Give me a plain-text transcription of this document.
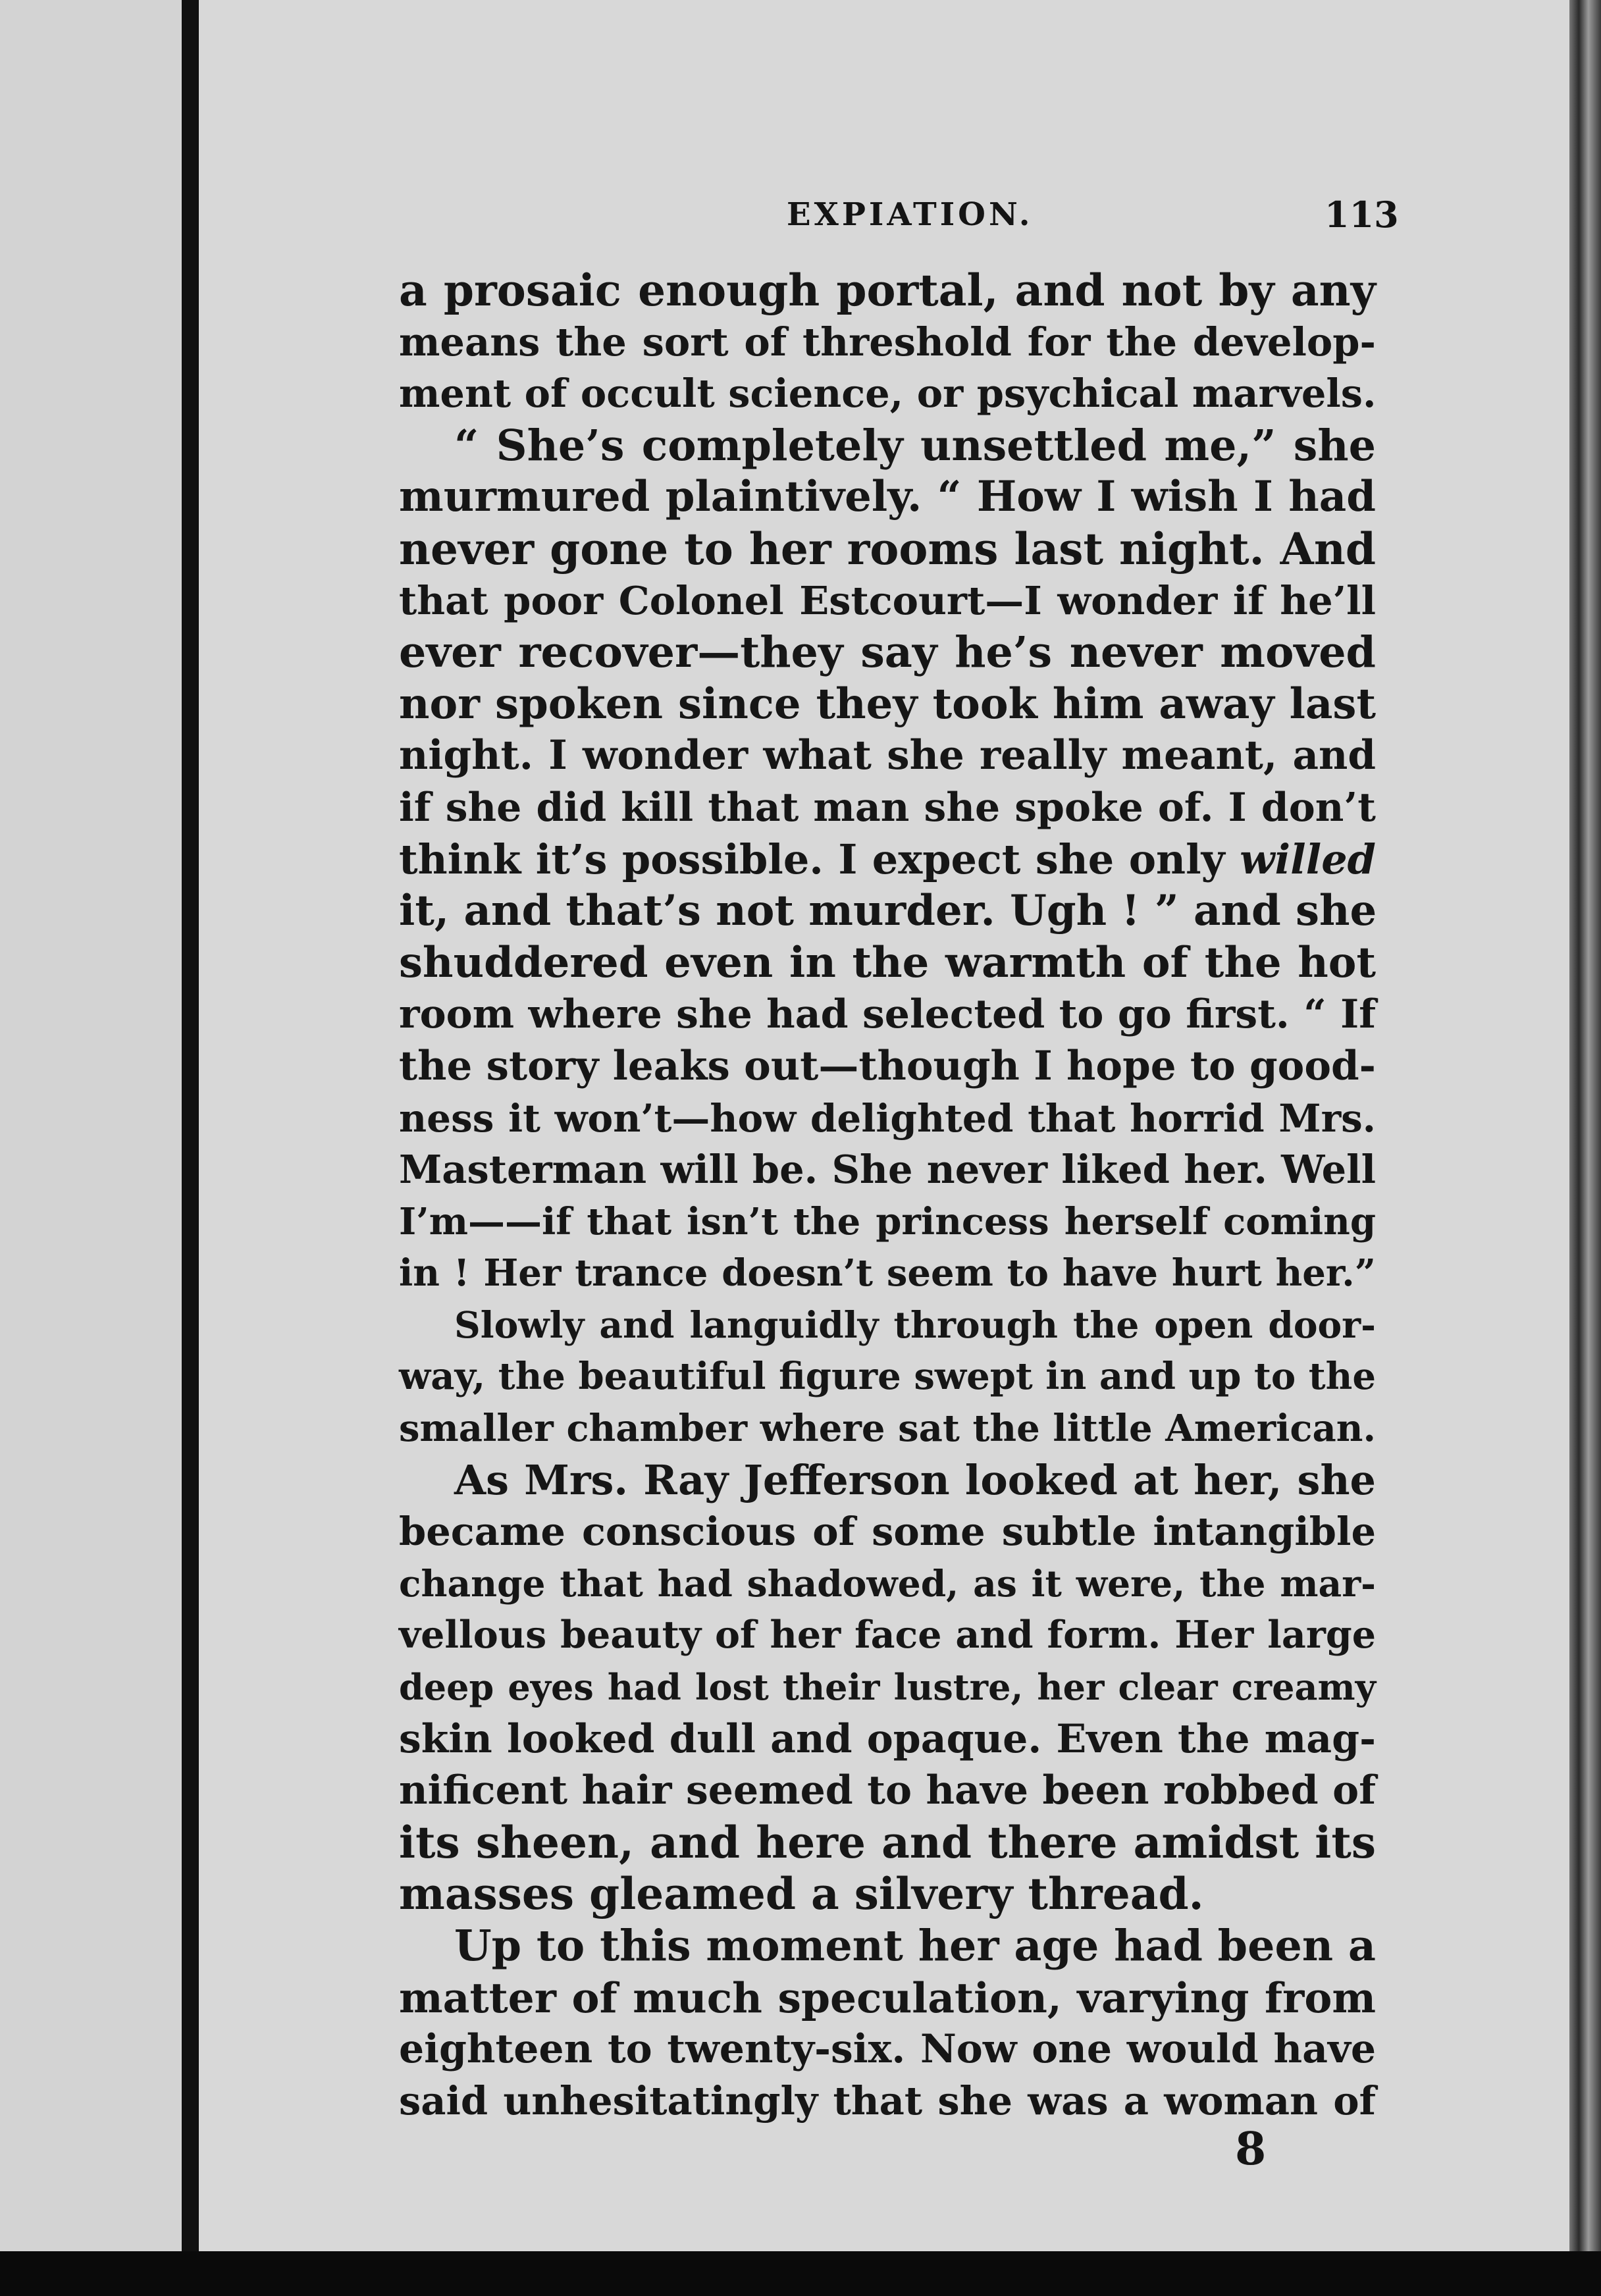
EXPIATION.	113
a prosaic enough portal, and not by any
means the sort of threshold for the develop-
ment of occult science, or psychical marvels.
“ She’s completely unsettled me,” she
murmured plaintively. “ How I wish I had
never gone to her rooms last night. And
that poor Colonel Estcourt—I wonder if he’ll
ever recover—they say he’s never moved
nor spoken since they took him away last
night. I wonder what she really meant, and
if she did kill that man she spoke of. I don’t
think it’s possible. I expect she only willed
it, and that’s not murder. Ugh ! ” and she
shuddered even in the warmth of the hot
room where she had selected to go first. “ If
the story leaks out—though I hope to good-
ness it won’t—how delighted that horrid Mrs.
Masterman will be. She never liked her. Well
I’m——if that isn’t the princess herself coming
in ! Her trance doesn’t seem to have hurt her.”
Slowly and languidly through the open door-
way, the beautiful figure swept in and up to the
smaller chamber where sat the little American.
As Mrs. Ray Jefferson looked at her, she
became conscious of some subtle intangible
change that had shadowed, as it were, the mar-
vellous beauty of her face and form. Her large
deep eyes had lost their lustre, her clear creamy
skin looked dull and opaque. Even the mag-
nificent hair seemed to have been robbed of
its sheen, and here and there amidst its
masses gleamed a silvery thread.
Up to this moment her age had been a
matter of much speculation, varying from
eighteen to twenty-six. Now one would have
said unhesitatingly that she was a woman of
8
